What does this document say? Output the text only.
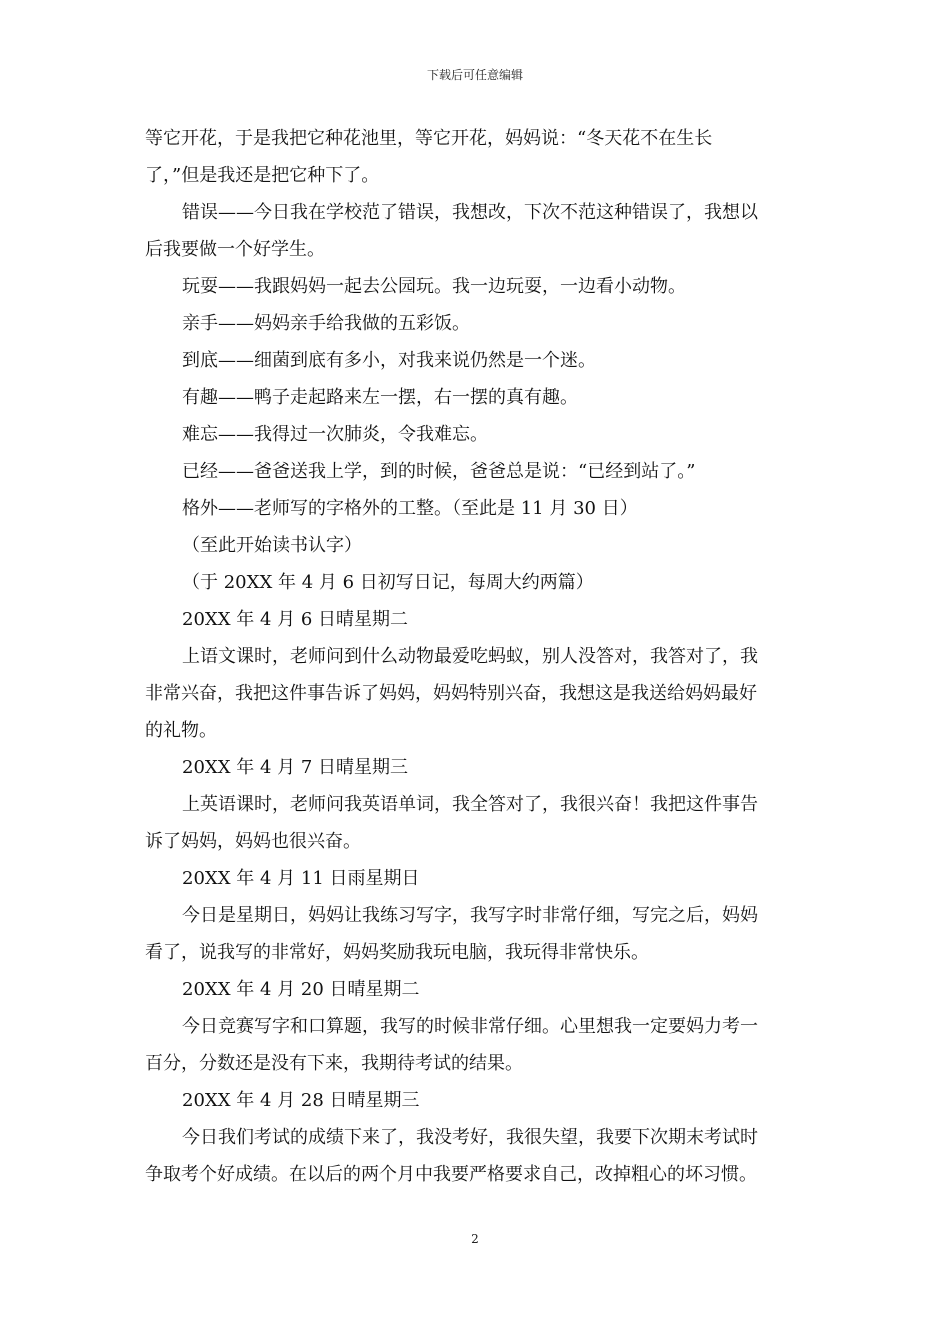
下载后可任意编辑
等它开花，于是我把它种花池里，等它开花，妈妈说：“冬天花不在生长
了，”但是我还是把它种下了。
错误——今日我在学校范了错误，我想改，下次不范这种错误了，我想以
后我要做一个好学生。
玩耍——我跟妈妈一起去公园玩。我一边玩耍，一边看小动物。
亲手——妈妈亲手给我做的五彩饭。
到底——细菌到底有多小，对我来说仍然是一个迷。
有趣——鸭子走起路来左一摆，右一摆的真有趣。
难忘——我得过一次肺炎，令我难忘。
已经——爸爸送我上学，到的时候，爸爸总是说：“已经到站了。”
格外——老师写的字格外的工整。（至此是 11 月 30 日）
（至此开始读书认字）
（于 20XX 年 4 月 6 日初写日记，每周大约两篇）
20XX 年 4 月 6 日晴星期二
上语文课时，老师问到什么动物最爱吃蚂蚁，别人没答对，我答对了，我
非常兴奋，我把这件事告诉了妈妈，妈妈特别兴奋，我想这是我送给妈妈最好
的礼物。
20XX 年 4 月 7 日晴星期三
上英语课时，老师问我英语单词，我全答对了，我很兴奋！我把这件事告
诉了妈妈，妈妈也很兴奋。
20XX 年 4 月 11 日雨星期日
今日是星期日，妈妈让我练习写字，我写字时非常仔细，写完之后，妈妈
看了，说我写的非常好，妈妈奖励我玩电脑，我玩得非常快乐。
20XX 年 4 月 20 日晴星期二
今日竞赛写字和口算题，我写的时候非常仔细。心里想我一定要妈力考一
百分，分数还是没有下来，我期待考试的结果。
20XX 年 4 月 28 日晴星期三
今日我们考试的成绩下来了，我没考好，我很失望，我要下次期末考试时
争取考个好成绩。在以后的两个月中我要严格要求自己，改掉粗心的坏习惯。
2
